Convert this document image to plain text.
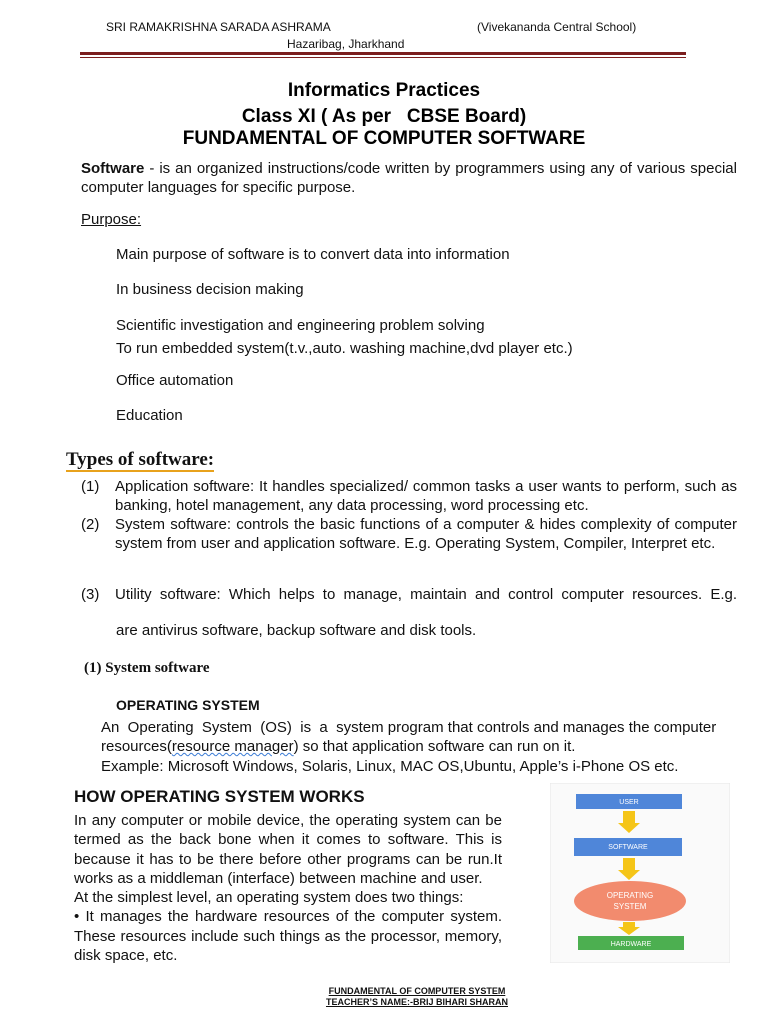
SRI RAMAKRISHNA SARADA ASHRAMA	(Vivekananda Central School)
Hazaribag, Jharkhand
Informatics Practices
Class XI ( As per   CBSE Board)
FUNDAMENTAL OF COMPUTER SOFTWARE
Software - is an organized instructions/code written by programmers using any of various special computer languages for specific purpose.
Purpose:
Main purpose of software is to convert data into information
In business decision making
Scientific investigation and engineering problem solving
To run embedded system(t.v.,auto. washing machine,dvd player etc.)
Office automation
Education
Types of software:
(1)	Application software: It handles specialized/ common tasks a user wants to perform, such as banking, hotel management, any data processing, word processing etc.
(2)	System software: controls the basic functions of a computer & hides complexity of computer system from user and application software. E.g. Operating System, Compiler, Interpret etc.
(3)	Utility software: Which helps to manage, maintain and control computer resources. E.g.
are antivirus software, backup software and disk tools.
(1) System software
OPERATING SYSTEM
An  Operating  System  (OS)  is  a  system program that controls and manages the computer
resources(resource manager) so that application software can run on it.
Example: Microsoft Windows, Solaris, Linux, MAC OS,Ubuntu, Apple’s i-Phone OS etc.
HOW OPERATING SYSTEM WORKS
In any computer or mobile device, the operating system can be termed as the back bone when it comes to software. This is because it has to be there before other programs can be run.It works as a middleman (interface) between machine and user.
At the simplest level, an operating system does two things:
• It manages the hardware resources of the computer system. These resources include such things as the processor, memory, disk space, etc.
USER
SOFTWARE
OPERATING
SYSTEM
HARDWARE
FUNDAMENTAL OF COMPUTER SYSTEM
TEACHER’S NAME:-BRIJ BIHARI SHARAN
